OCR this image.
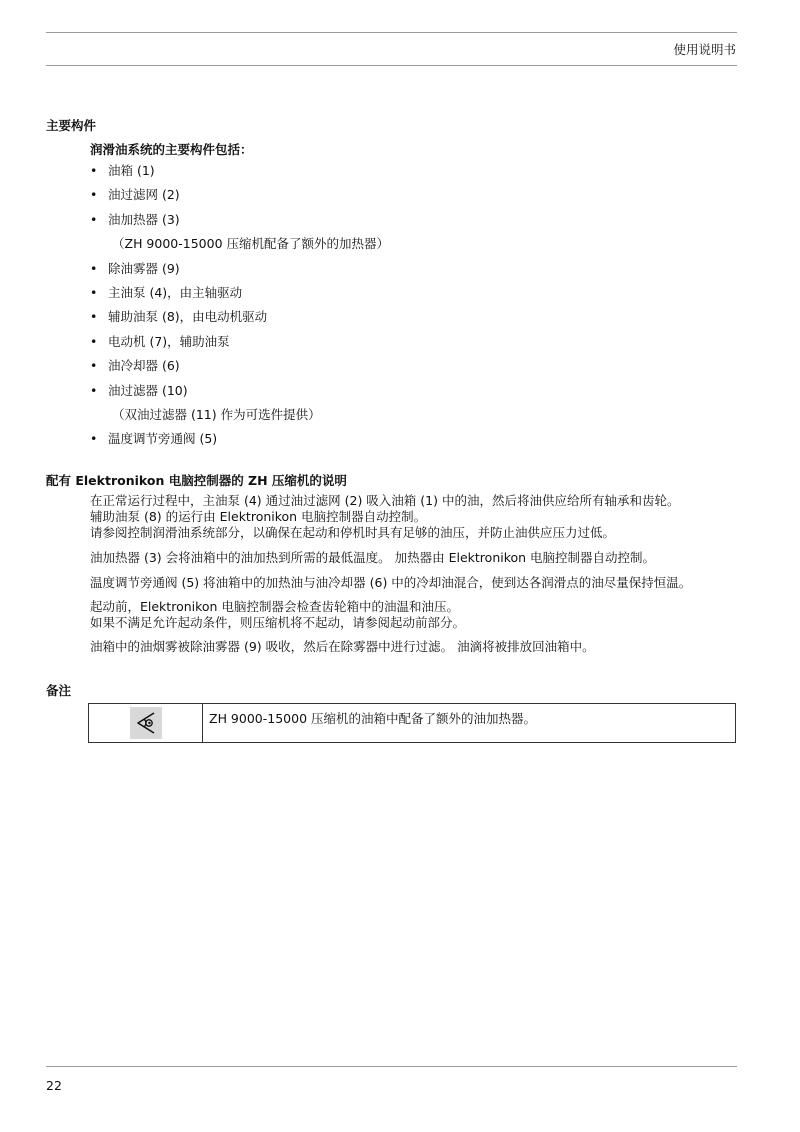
使用说明书
主要构件
润滑油系统的主要构件包括：
• 油箱 (1)
• 油过滤网 (2)
• 油加热器 (3)
（ZH 9000-15000 压缩机配备了额外的加热器）
• 除油雾器 (9)
• 主油泵 (4)，由主轴驱动
• 辅助油泵 (8)，由电动机驱动
• 电动机 (7)，辅助油泵
• 油冷却器 (6)
• 油过滤器 (10)
（双油过滤器 (11) 作为可选件提供）
• 温度调节旁通阀 (5)
配有 Elektronikon 电脑控制器的 ZH 压缩机的说明
在正常运行过程中，主油泵 (4) 通过油过滤网 (2) 吸入油箱 (1) 中的油，然后将油供应给所有轴承和齿轮。
辅助油泵 (8) 的运行由 Elektronikon 电脑控制器自动控制。
请参阅控制润滑油系统部分，以确保在起动和停机时具有足够的油压，并防止油供应压力过低。
油加热器 (3) 会将油箱中的油加热到所需的最低温度。 加热器由 Elektronikon 电脑控制器自动控制。
温度调节旁通阀 (5) 将油箱中的加热油与油冷却器 (6) 中的冷却油混合，使到达各润滑点的油尽量保持恒温。
起动前，Elektronikon 电脑控制器会检查齿轮箱中的油温和油压。
如果不满足允许起动条件，则压缩机将不起动，请参阅起动前部分。
油箱中的油烟雾被除油雾器 (9) 吸收，然后在除雾器中进行过滤。 油滴将被排放回油箱中。
备注
ZH 9000-15000 压缩机的油箱中配备了额外的油加热器。
22
